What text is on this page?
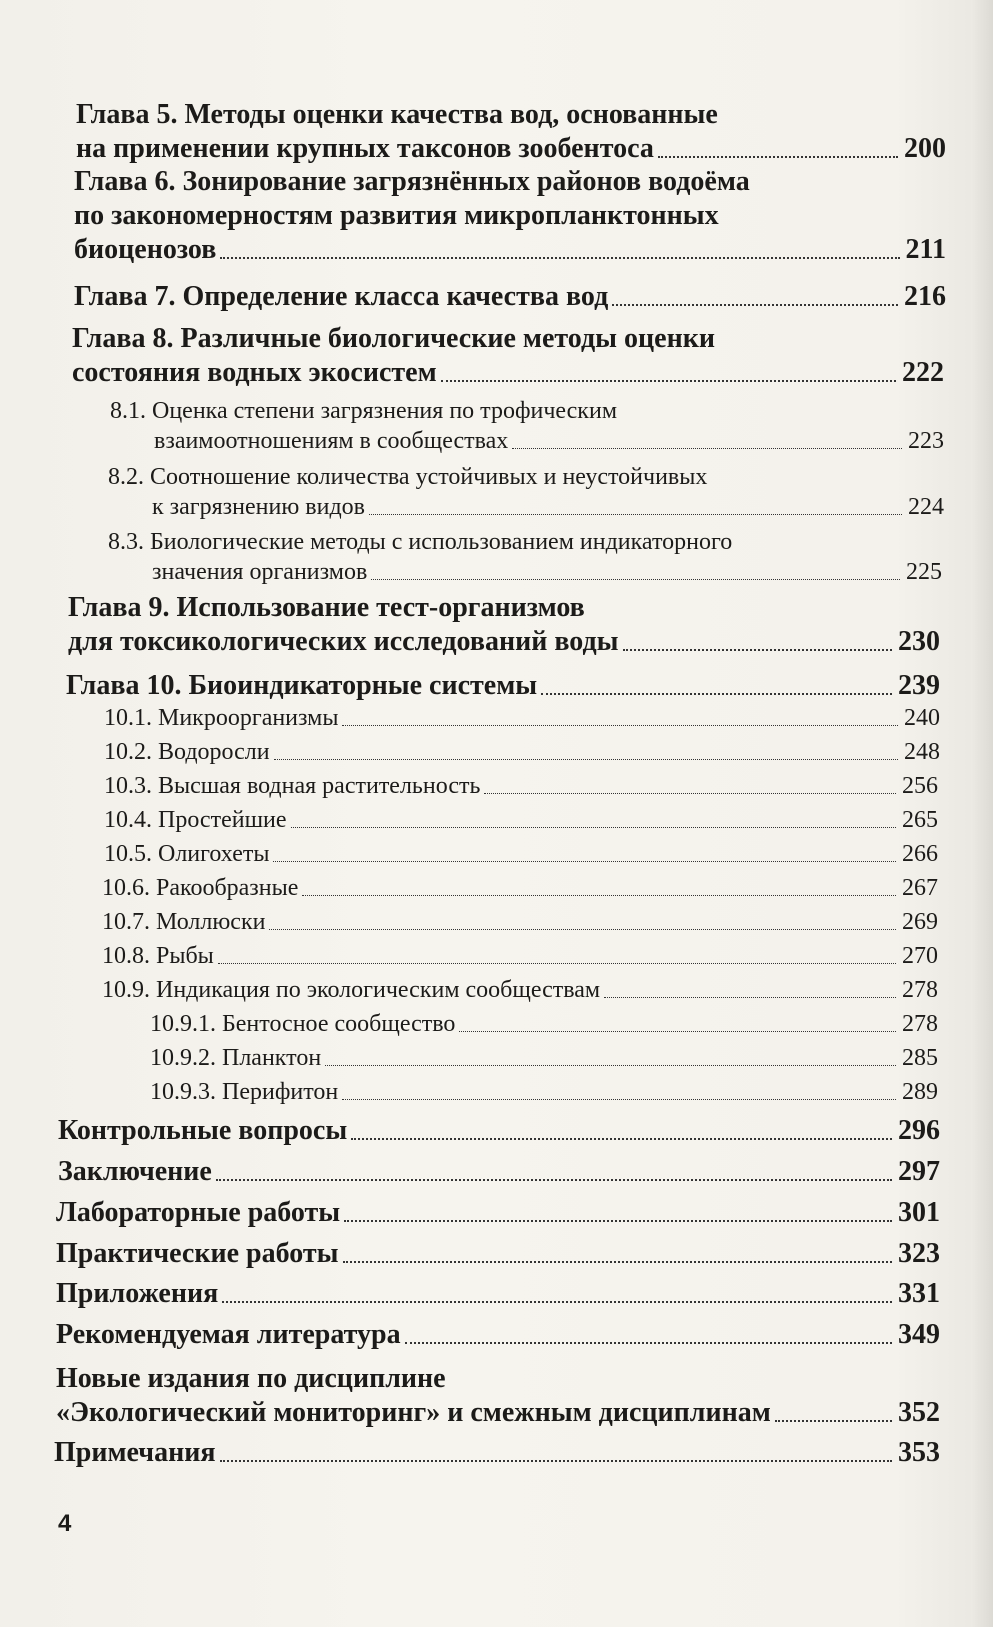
Глава 5. Методы оценки качества вод, основанные
на применении крупных таксонов зообентоса	200
Глава 6. Зонирование загрязнённых районов водоёма
по закономерностям развития микропланктонных
биоценозов	211
Глава 7. Определение класса качества вод	216
Глава 8. Различные биологические методы оценки
состояния водных экосистем	222
8.1. Оценка степени загрязнения по трофическим
взаимоотношениям в сообществах	223
8.2. Соотношение количества устойчивых и неустойчивых
к загрязнению видов	224
8.3. Биологические методы с использованием индикаторного
значения организмов	225
Глава 9. Использование тест-организмов
для токсикологических исследований воды	230
Глава 10. Биоиндикаторные системы	239
10.1. Микроорганизмы	240
10.2. Водоросли	248
10.3. Высшая водная растительность	256
10.4. Простейшие	265
10.5. Олигохеты	266
10.6. Ракообразные	267
10.7. Моллюски	269
10.8. Рыбы	270
10.9. Индикация по экологическим сообществам	278
10.9.1. Бентосное сообщество	278
10.9.2. Планктон	285
10.9.3. Перифитон	289
Контрольные вопросы	296
Заключение	297
Лабораторные работы	301
Практические работы	323
Приложения	331
Рекомендуемая литература	349
Новые издания по дисциплине
«Экологический мониторинг» и смежным дисциплинам	352
Примечания	353
4
